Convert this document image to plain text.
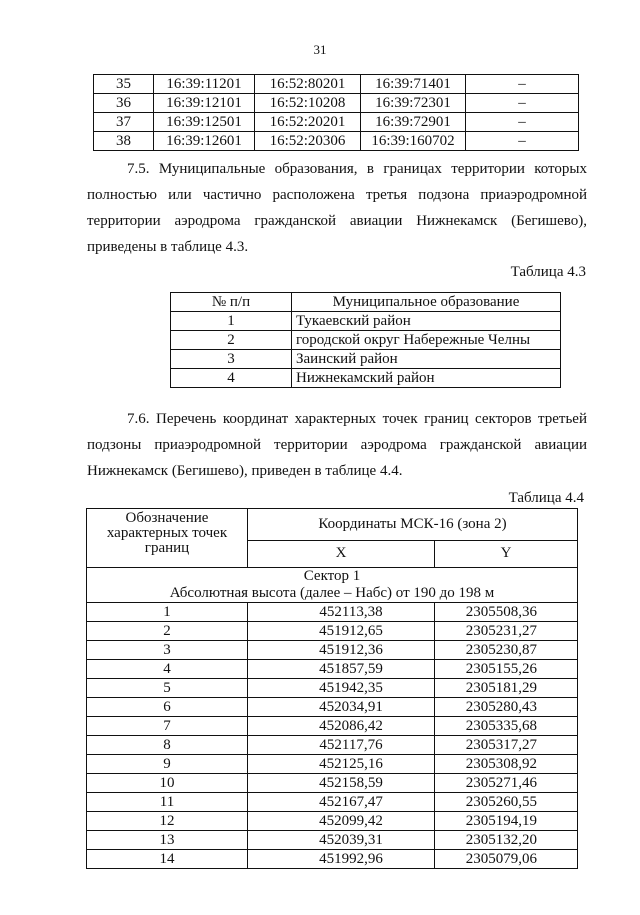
31
35	16:39:11201	16:52:80201	16:39:71401	–
36	16:39:12101	16:52:10208	16:39:72301	–
37	16:39:12501	16:52:20201	16:39:72901	–
38	16:39:12601	16:52:20306	16:39:160702	–
7.5. Муниципальные образования, в границах территории которых
полностью или частично расположена третья подзона приаэродромной
территории аэродрома гражданской авиации Нижнекамск (Бегишево),
приведены в таблице 4.3.
Таблица 4.3
№ п/п	Муниципальное образование
1	Тукаевский район
2	городской округ Набережные Челны
3	Заинский район
4	Нижнекамский район
7.6. Перечень координат характерных точек границ секторов третьей
подзоны приаэродромной территории аэродрома гражданской авиации
Нижнекамск (Бегишево), приведен в таблице 4.4.
Таблица 4.4
Обозначение характерных точек границ	Координаты МСК-16 (зона 2)	
	X	Y
Сектор 1
Абсолютная высота (далее – Набс) от 190 до 198 м		
1	452113,38	2305508,36
2	451912,65	2305231,27
3	451912,36	2305230,87
4	451857,59	2305155,26
5	451942,35	2305181,29
6	452034,91	2305280,43
7	452086,42	2305335,68
8	452117,76	2305317,27
9	452125,16	2305308,92
10	452158,59	2305271,46
11	452167,47	2305260,55
12	452099,42	2305194,19
13	452039,31	2305132,20
14	451992,96	2305079,06
